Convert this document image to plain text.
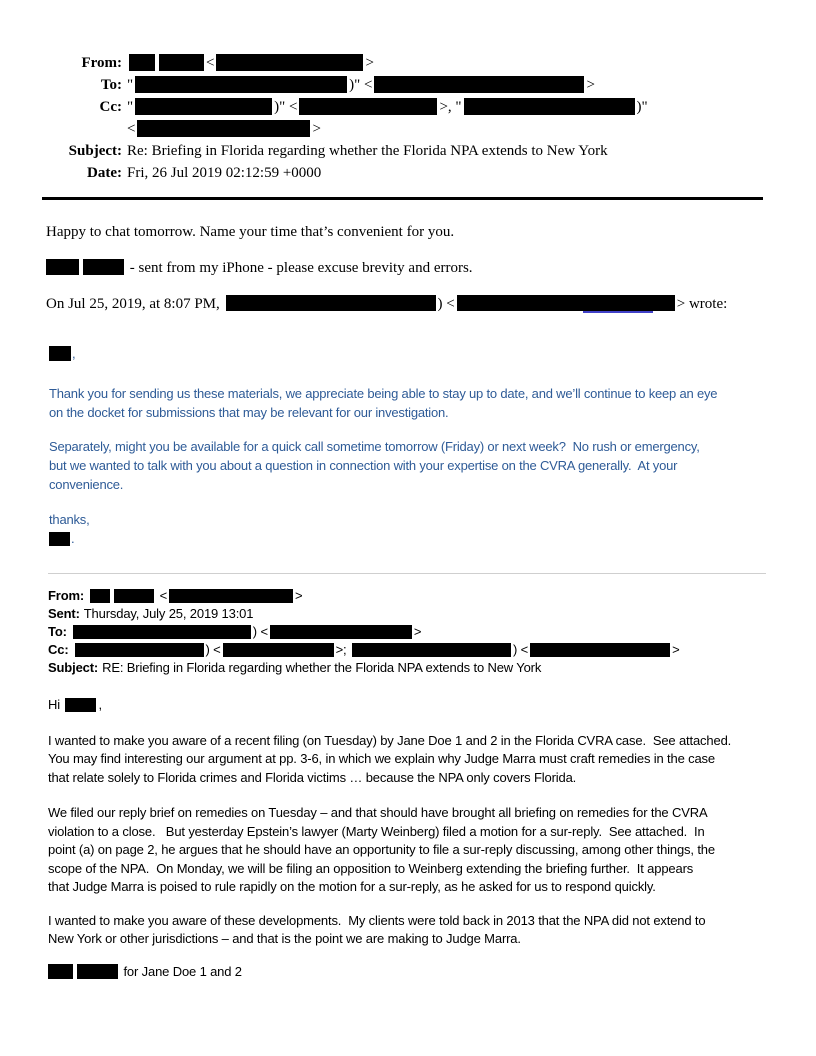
From:	<	>
To: "	)" <	>
Cc: "	)" <	>, "	)"
<	>
Subject: Re: Briefing in Florida regarding whether the Florida NPA extends to New York
Date: Fri, 26 Jul 2019 02:12:59 +0000

Happy to chat tomorrow. Name your time that’s convenient for you.

- sent from my iPhone - please excuse brevity and errors.

On Jul 25, 2019, at 8:07 PM,	) <	> wrote:

,

Thank you for sending us these materials, we appreciate being able to stay up to date, and we’ll continue to keep an eye
on the docket for submissions that may be relevant for our investigation.

Separately, might you be available for a quick call sometime tomorrow (Friday) or next week?  No rush or emergency,
but we wanted to talk with you about a question in connection with your expertise on the CVRA generally.  At your
convenience.

thanks,

.

From:	<	>
Sent: Thursday, July 25, 2019 13:01
To:	) <	>
Cc:	) <	>;	) <	>
Subject: RE: Briefing in Florida regarding whether the Florida NPA extends to New York

Hi	,

I wanted to make you aware of a recent filing (on Tuesday) by Jane Doe 1 and 2 in the Florida CVRA case.  See attached.
You may find interesting our argument at pp. 3-6, in which we explain why Judge Marra must craft remedies in the case
that relate solely to Florida crimes and Florida victims … because the NPA only covers Florida.

We filed our reply brief on remedies on Tuesday – and that should have brought all briefing on remedies for the CVRA
violation to a close.   But yesterday Epstein’s lawyer (Marty Weinberg) filed a motion for a sur-reply.  See attached.  In
point (a) on page 2, he argues that he should have an opportunity to file a sur-reply discussing, among other things, the
scope of the NPA.  On Monday, we will be filing an opposition to Weinberg extending the briefing further.  It appears
that Judge Marra is poised to rule rapidly on the motion for a sur-reply, as he asked for us to respond quickly.

I wanted to make you aware of these developments.  My clients were told back in 2013 that the NPA did not extend to
New York or other jurisdictions – and that is the point we are making to Judge Marra.

for Jane Doe 1 and 2
